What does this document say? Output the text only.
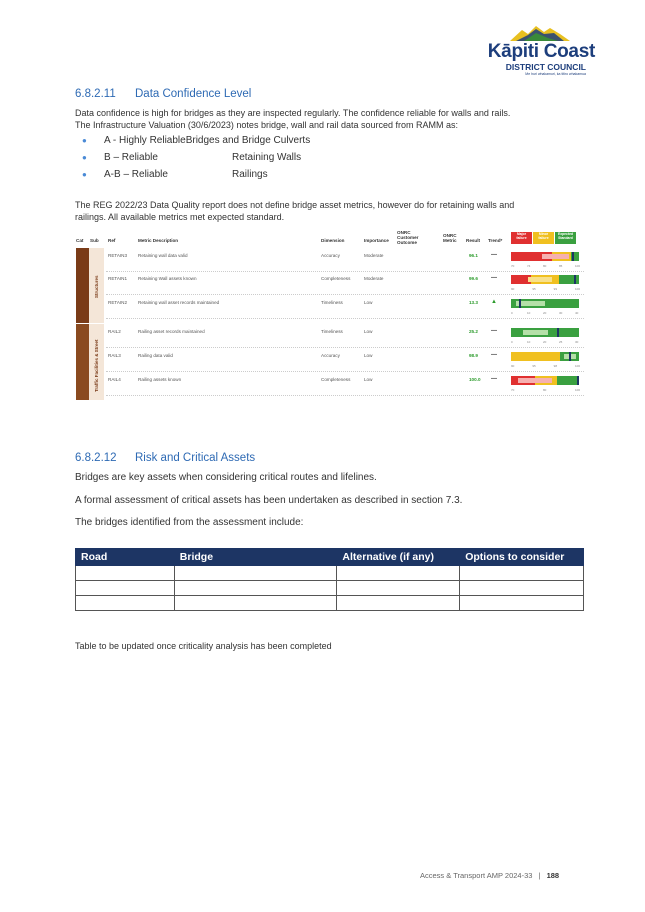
Kāpiti Coast
DISTRICT COUNCIL
Me huri whakamuri, ka titiro whakamua
6.8.2.11 Data Confidence Level
Data confidence is high for bridges as they are inspected regularly. The confidence reliable for walls and rails.
The Infrastructure Valuation (30/6/2023) notes bridge, wall and rail data sourced from RAMM as:
● A - Highly ReliableBridges and Bridge Culverts
● B – Reliable	Retaining Walls
● A-B – Reliable	Railings
The REG 2022/23 Data Quality report does not define bridge asset metrics, however do for retaining walls and
railings. All available metrics met expected standard.
Cat Sub Ref	Metric Description	Dimension	Importance
ONRC
Customer
Outcome
ONRC
Metric Result Trend*
Major
failure
Minor
failure
Expected
Standard
Structures
Traffic Facilities & Street
RETAIN3 Retaining wall data valid	Accuracy	Moderate	96.1 —
70	74	80	85	100
RETAIN1 Retaining Wall assets known	Completeness	Moderate	99.6 —
90	95	99	100
RETAIN2 Retaining wall asset records maintained	Timeliness	Low	13.3 ▲
0	10	20	30	40
RAIL2	Railing asset records maintained	Timeliness	Low	25.2 —
0	10	20	25	30
RAIL3	Railing data valid	Accuracy	Low	98.9 —
90	95	98	100
RAIL4	Railing assets known	Completeness	Low	100.0 —
70	80	100
6.8.2.12 Risk and Critical Assets
Bridges are key assets when considering critical routes and lifelines.
A formal assessment of critical assets has been undertaken as described in section 7.3.
The bridges identified from the assessment include:
Road	Bridge	Alternative (if any)	Options to consider

Table to be updated once criticality analysis has been completed
Access & Transport AMP 2024-33 | 188
